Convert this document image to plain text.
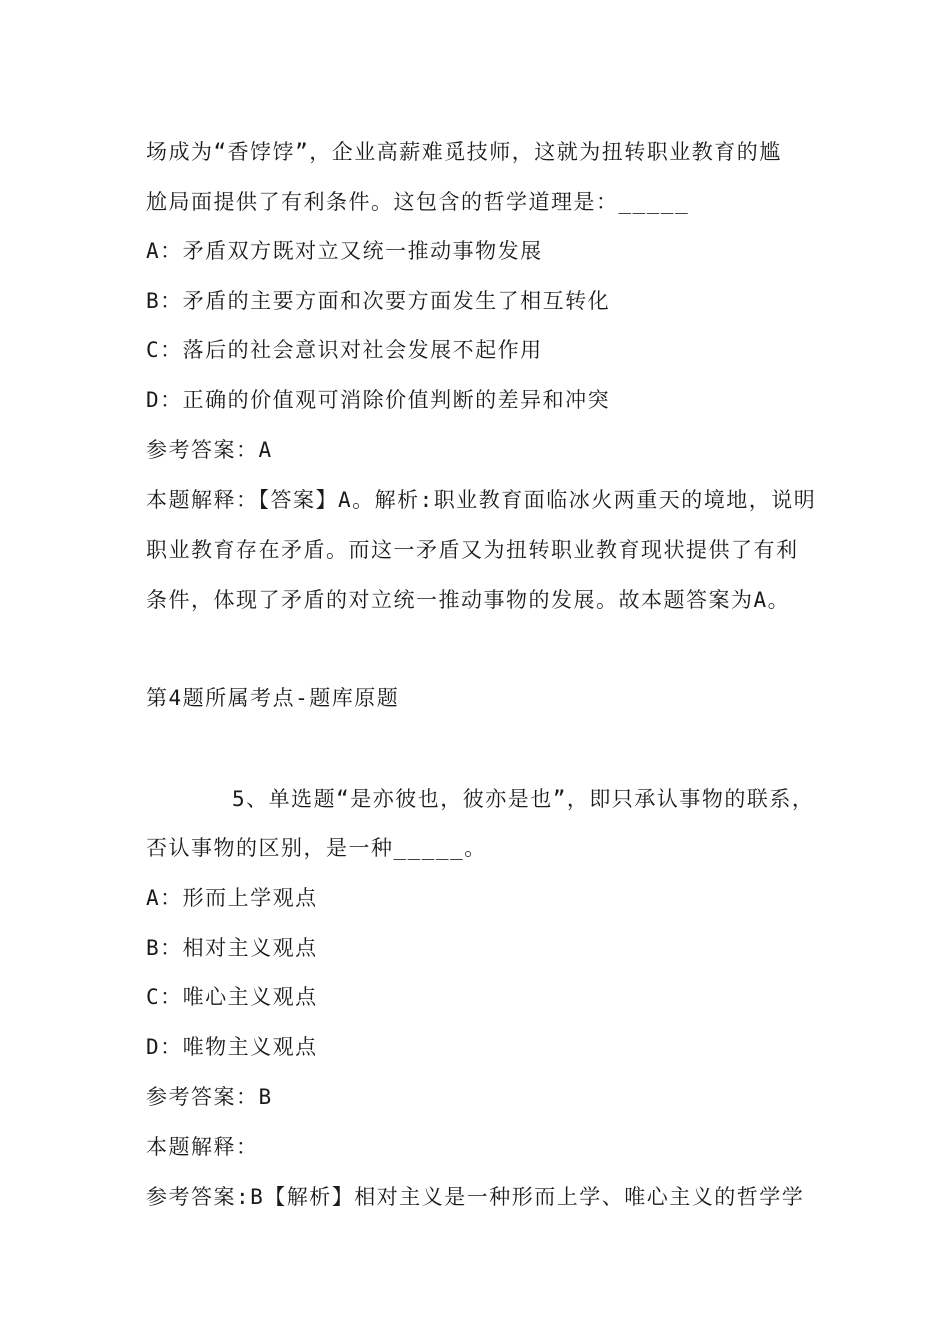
场成为“香饽饽”，企业高薪难觅技师，这就为扭转职业教育的尴
尬局面提供了有利条件。这包含的哲学道理是：_____
A：矛盾双方既对立又统一推动事物发展
B：矛盾的主要方面和次要方面发生了相互转化
C：落后的社会意识对社会发展不起作用
D：正确的价值观可消除价值判断的差异和冲突
参考答案：A
本题解释：【答案】A。解析:职业教育面临冰火两重天的境地，说明
职业教育存在矛盾。而这一矛盾又为扭转职业教育现状提供了有利
条件，体现了矛盾的对立统一推动事物的发展。故本题答案为A。
第4题所属考点-题库原题
5、单选题“是亦彼也，彼亦是也”，即只承认事物的联系，
否认事物的区别，是一种_____。
A：形而上学观点
B：相对主义观点
C：唯心主义观点
D：唯物主义观点
参考答案：B
本题解释：
参考答案:B【解析】相对主义是一种形而上学、唯心主义的哲学学
